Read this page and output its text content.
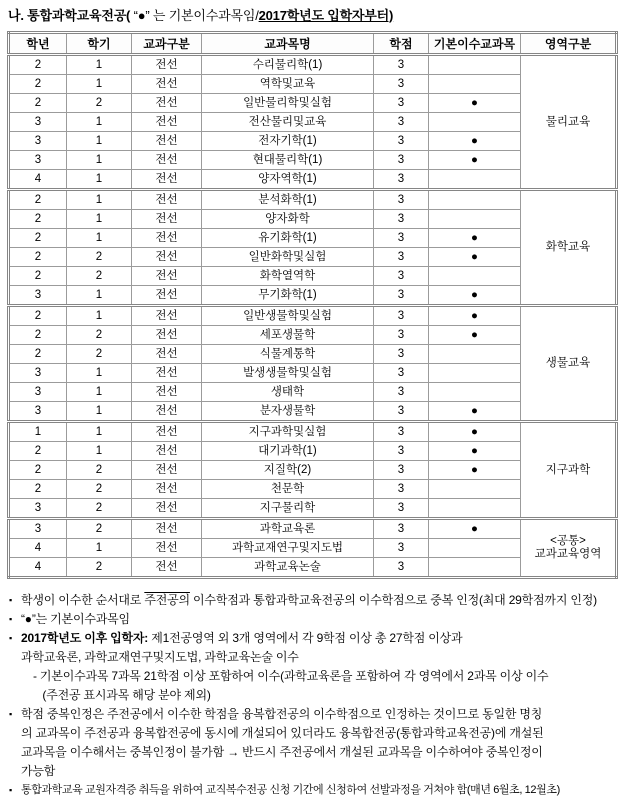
나. 통합과학교육전공( “●” 는 기본이수과목임/2017학년도 입학자부터)
학년	학기	교과구분	교과목명	학점	기본이수교과목	영역구분
2	1	전선	수리물리학(1)	3		물리교육
2	1	전선	역학및교육	3		
2	2	전선	일반물리학및실험	3	●	
3	1	전선	전산물리및교육	3		
3	1	전선	전자기학(1)	3	●	
3	1	전선	현대물리학(1)	3	●	
4	1	전선	양자역학(1)	3		
2	1	전선	분석화학(1)	3		화학교육
2	1	전선	양자화학	3		
2	1	전선	유기화학(1)	3	●	
2	2	전선	일반화학및실험	3	●	
2	2	전선	화학열역학	3		
3	1	전선	무기화학(1)	3	●	
2	1	전선	일반생물학및실험	3	●	생물교육
2	2	전선	세포생물학	3	●	
2	2	전선	식물계통학	3		
3	1	전선	발생생물학및실험	3		
3	1	전선	생태학	3		
3	1	전선	분자생물학	3	●	
1	1	전선	지구과학및실험	3	●	지구과학
2	1	전선	대기과학(1)	3	●	
2	2	전선	지질학(2)	3	●	
2	2	전선	천문학	3		
3	2	전선	지구물리학	3		
3	2	전선	과학교육론	3	●	<공통>
교과교육영역
4	1	전선	과학교재연구및지도법	3		
4	2	전선	과학교육논술	3		
▪ 학생이 이수한 순서대로 주전공의 이수학점과 통합과학교육전공의 이수학점으로 중복 인정(최대 29학점까지 인정)
▪ “●”는 기본이수과목임
▪ 2017학년도 이후 입학자: 제1전공영역 외 3개 영역에서 각 9학점 이상 총 27학점 이상과
과학교육론, 과학교재연구및지도법, 과학교육논술 이수
- 기본이수과목 7과목 21학점 이상 포함하여 이수(과학교육론을 포함하여 각 영역에서 2과목 이상 이수
(주전공 표시과목 해당 분야 제외)
▪ 학점 중복인정은 주전공에서 이수한 학점을 융복합전공의 이수학점으로 인정하는 것이므로 동일한 명칭
의 교과목이 주전공과 융복합전공에 동시에 개설되어 있더라도 융복합전공(통합과학교육전공)에 개설된
교과목을 이수해서는 중복인정이 불가함 → 반드시 주전공에서 개설된 교과목을 이수하여야 중복인정이
가능함
▪ 통합과학교육 교원자격증 취득을 위하여 교직복수전공 신청 기간에 신청하여 선발과정을 거쳐야 함(매년 6월초, 12월초)
